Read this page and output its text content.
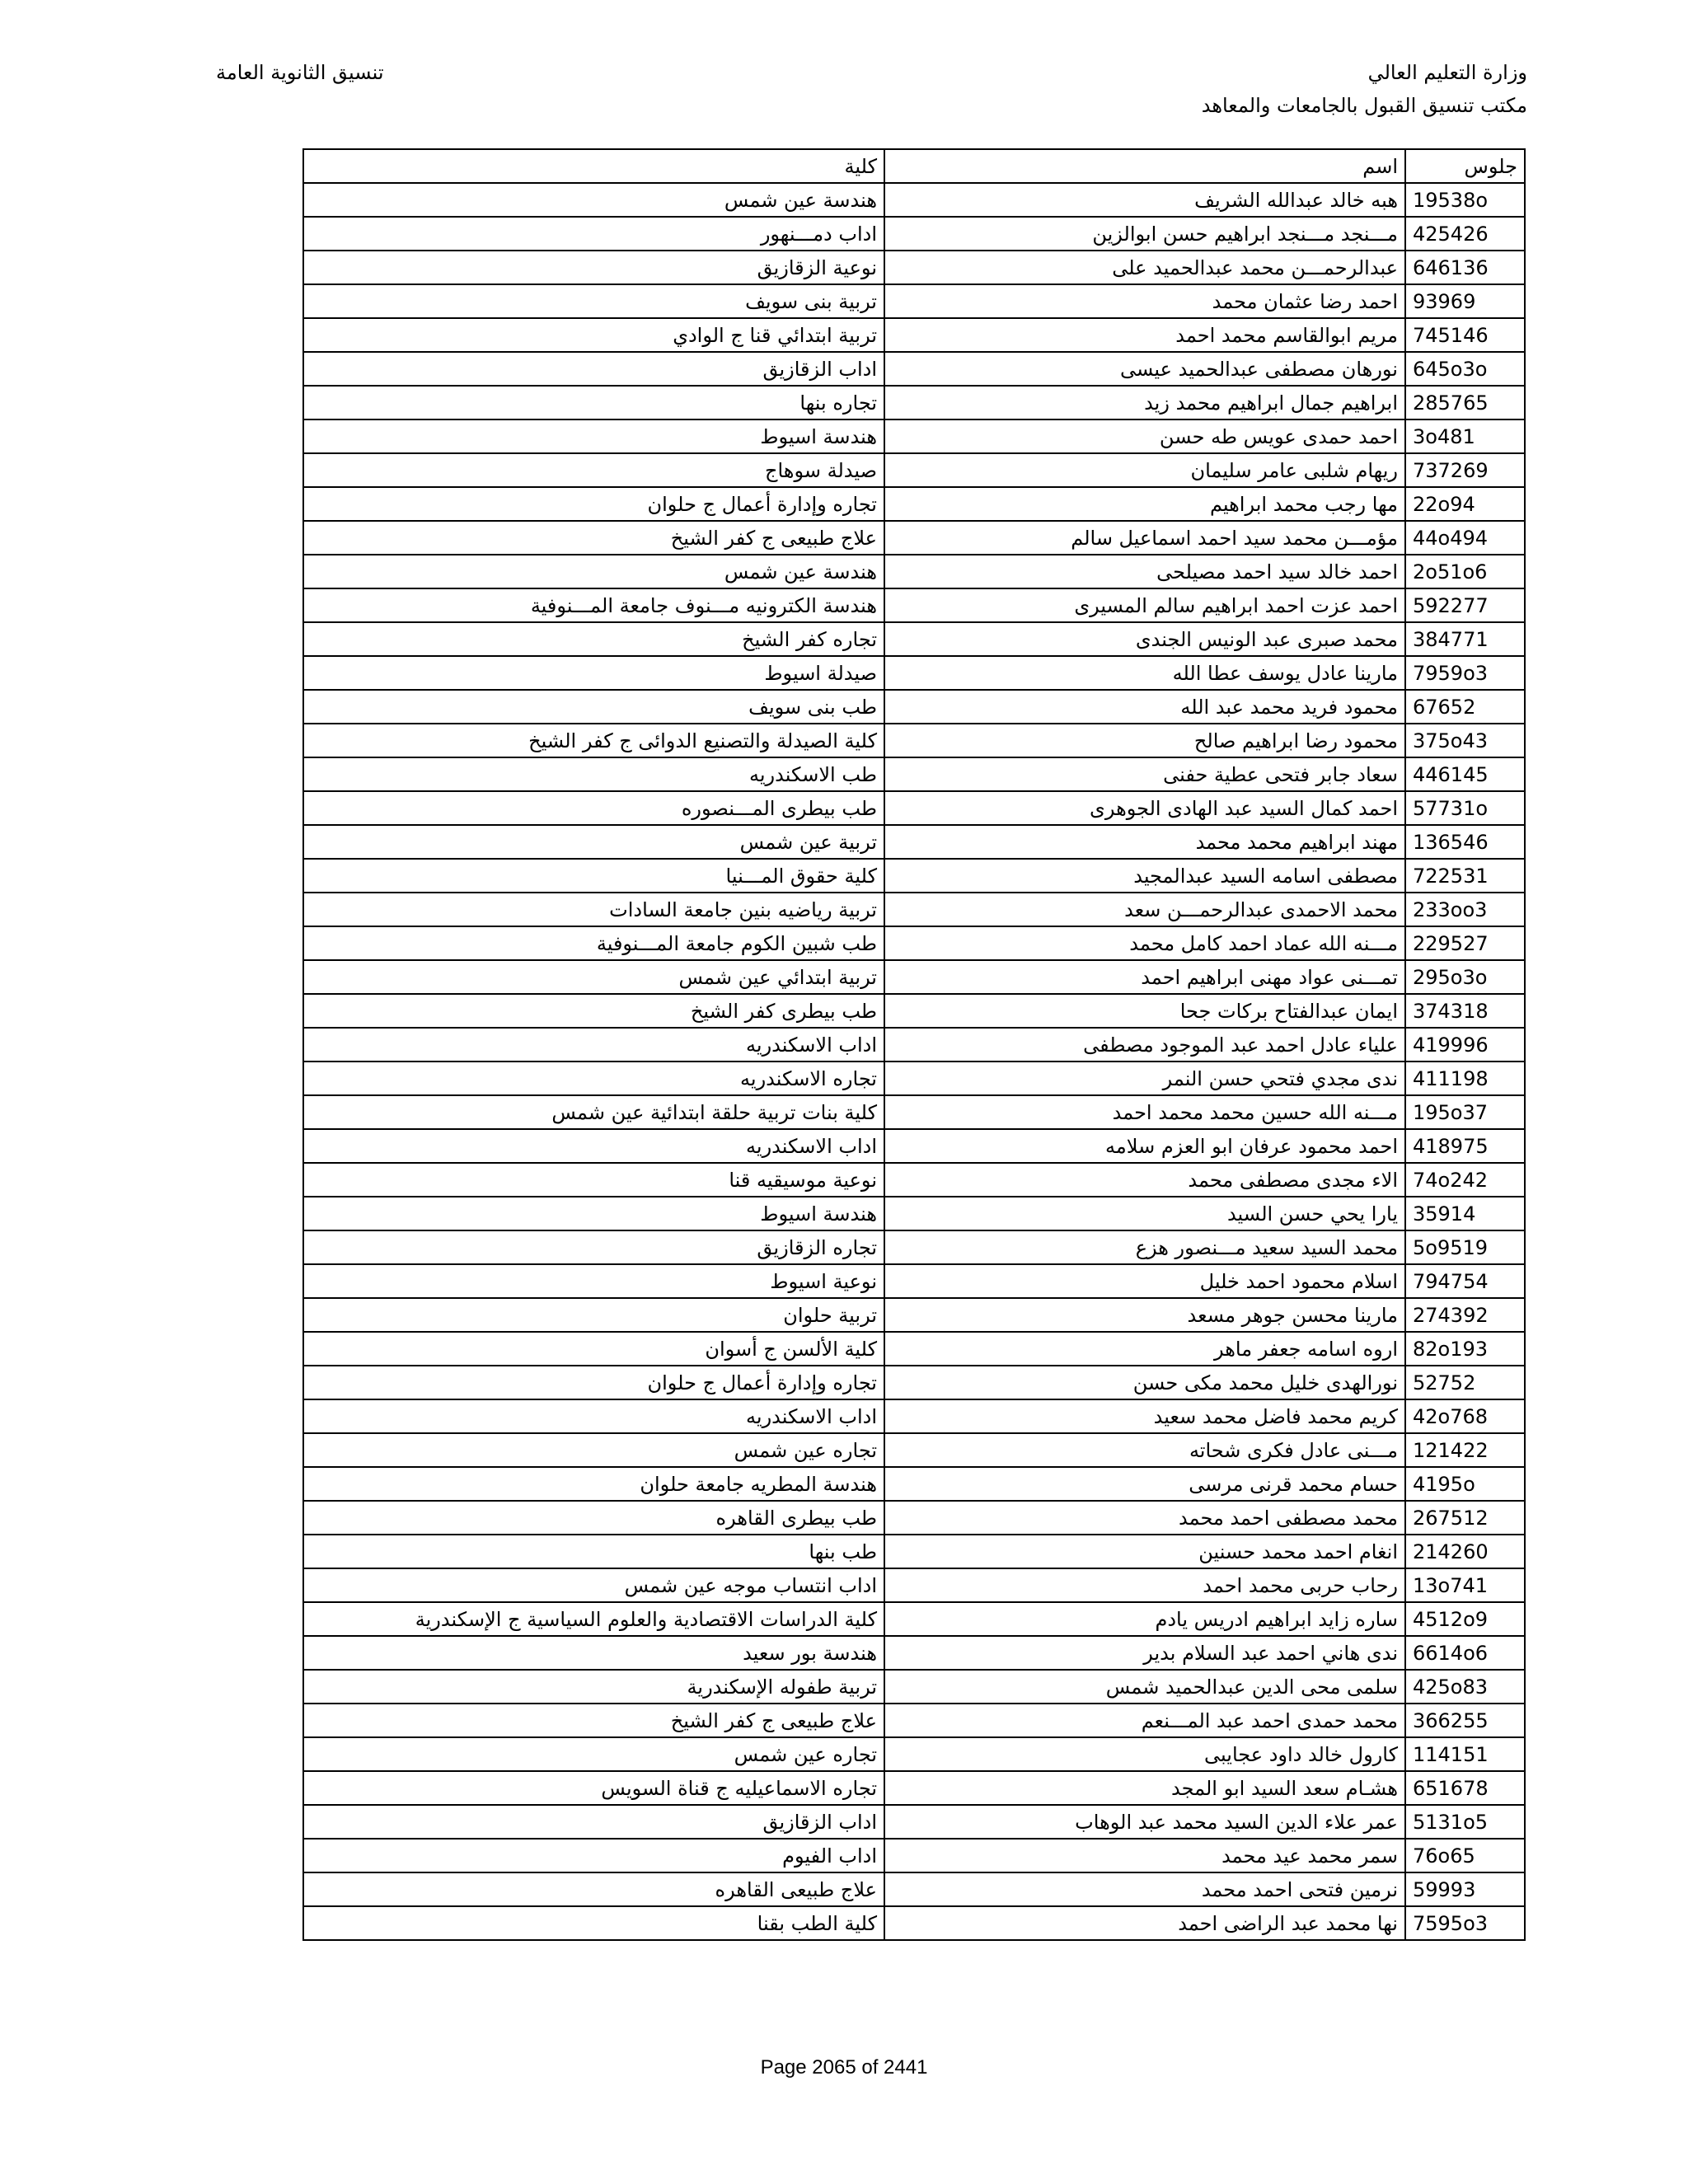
وزارة التعليم العالي
مكتب تنسيق القبول بالجامعات والمعاهد
تنسيق الثانوية العامة
جلوس	اسم	كلية
19538o	هبه خالد عبدالله الشريف	هندسة عين شمس
425426	مـــنجد مـــنجد ابراهيم حسن ابوالزين	اداب دمـــنهور
646136	عبدالرحمـــن محمد عبدالحميد على	نوعية الزقازيق
93969	احمد رضا عثمان محمد	تربية بنى سويف
745146	مريم ابوالقاسم محمد احمد	تربية ابتدائي قنا ج الوادي
645o3o	نورهان مصطفى عبدالحميد عيسى	اداب الزقازيق
285765	ابراهيم جمال ابراهيم محمد زيد	تجاره بنها
3o481	احمد حمدى عويس طه حسن	هندسة اسيوط
737269	ريهام شلبى عامر سليمان	صيدلة سوهاج
22o94	مها رجب محمد ابراهيم	تجاره وإدارة أعمال ج حلوان
44o494	مؤمـــن محمد سيد احمد اسماعيل سالم	علاج طبيعى ج كفر الشيخ
2o51o6	احمد خالد سيد احمد مصيلحى	هندسة عين شمس
592277	احمد عزت احمد ابراهيم سالم المسيرى	هندسة الكترونيه مـــنوف جامعة المـــنوفية
384771	محمد صبرى عبد الونيس الجندى	تجاره كفر الشيخ
7959o3	مارينا عادل يوسف عطا الله	صيدلة اسيوط
67652	محمود فريد محمد عبد الله	طب بنى سويف
375o43	محمود رضا ابراهيم صالح	كلية الصيدلة والتصنيع الدوائى ج كفر الشيخ
446145	سعاد جابر فتحى عطية حفنى	طب الاسكندريه
57731o	احمد كمال السيد عبد الهادى الجوهرى	طب بيطرى المـــنصوره
136546	مهند ابراهيم محمد محمد	تربية عين شمس
722531	مصطفى اسامه السيد عبدالمجيد	كلية حقوق المـــنيا
233oo3	محمد الاحمدى عبدالرحمـــن سعد	تربية رياضيه بنين جامعة السادات
229527	مـــنه الله عماد احمد كامل محمد	طب شبين الكوم جامعة المـــنوفية
295o3o	تمـــنى عواد مهنى ابراهيم احمد	تربية ابتدائي عين شمس
374318	ايمان عبدالفتاح بركات جحا	طب بيطرى كفر الشيخ
419996	علياء عادل احمد عبد الموجود مصطفى	اداب الاسكندريه
411198	ندى مجدي فتحي حسن النمر	تجاره الاسكندريه
195o37	مـــنه الله حسين محمد محمد احمد	كلية بنات تربية حلقة ابتدائية عين شمس
418975	احمد محمود عرفان ابو العزم سلامه	اداب الاسكندريه
74o242	الاء مجدى مصطفى محمد	نوعية موسيقيه قنا
35914	يارا يحي حسن السيد	هندسة اسيوط
5o9519	محمد السيد سعيد مـــنصور هزع	تجاره الزقازيق
794754	اسلام محمود احمد خليل	نوعية اسيوط
274392	مارينا محسن جوهر مسعد	تربية حلوان
82o193	اروه اسامه جعفر ماهر	كلية الألسن ج أسوان
52752	نورالهدى خليل محمد مكى حسن	تجاره وإدارة أعمال ج حلوان
42o768	كريم محمد فاضل محمد سعيد	اداب الاسكندريه
121422	مـــنى عادل فكرى شحاته	تجاره عين شمس
4195o	حسام محمد قرنى مرسى	هندسة المطريه جامعة حلوان
267512	محمد مصطفى احمد محمد	طب بيطرى القاهره
214260	انغام احمد محمد حسنين	طب بنها
13o741	رحاب حربى محمد احمد	اداب انتساب موجه عين شمس
4512o9	ساره زايد ابراهيم ادريس يادم	كلية الدراسات الاقتصادية والعلوم السياسية ج الإسكندرية
6614o6	ندى هاني احمد عبد السلام بدير	هندسة بور سعيد
425o83	سلمى محى الدين عبدالحميد شمس	تربية طفوله الإسكندرية
366255	محمد حمدى احمد عبد المـــنعم	علاج طبيعى ج كفر الشيخ
114151	كارول خالد داود عجايبى	تجاره عين شمس
651678	هشـام سعد السيد ابو المجد	تجاره الاسماعيليه ج قناة السويس
5131o5	عمر علاء الدين السيد محمد عبد الوهاب	اداب الزقازيق
76o65	سمر محمد عيد محمد	اداب الفيوم
59993	نرمين فتحى احمد محمد	علاج طبيعى القاهره
7595o3	نها محمد عبد الراضى احمد	كلية الطب بقنا
Page 2065 of 2441
